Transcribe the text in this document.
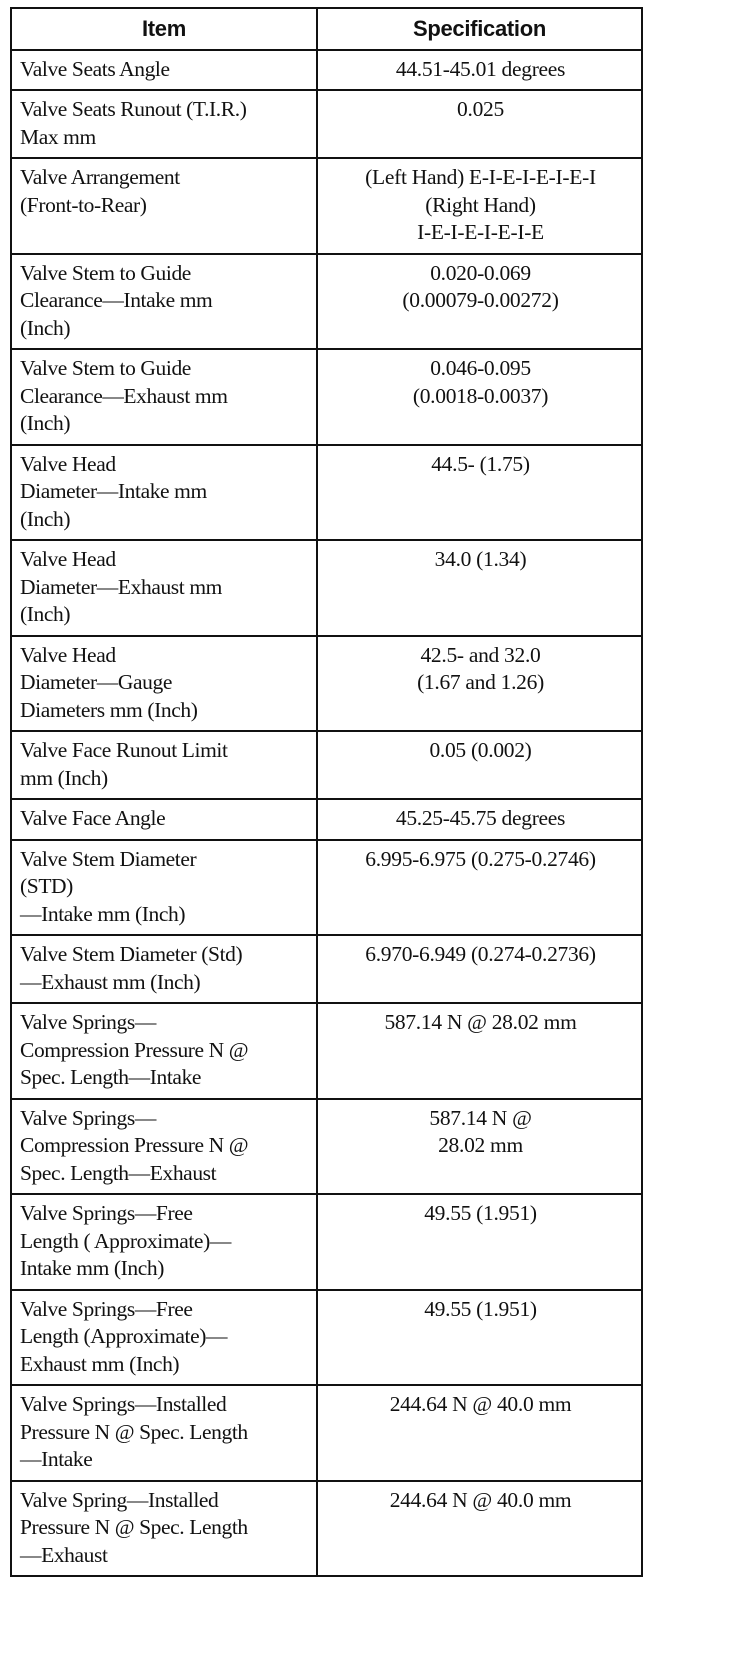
Item	Specification

Valve Seats Angle	44.51-45.01 degrees

Valve Seats Runout (T.I.R.)
Max mm	0.025

Valve Arrangement
(Front-to-Rear)	(Left Hand) E-I-E-I-E-I-E-I
(Right Hand)
I-E-I-E-I-E-I-E

Valve Stem to Guide
Clearance—Intake mm
(Inch)	0.020-0.069
(0.00079-0.00272)

Valve Stem to Guide
Clearance—Exhaust mm
(Inch)	0.046-0.095
(0.0018-0.0037)

Valve Head
Diameter—Intake mm
(Inch)	44.5- (1.75)

Valve Head
Diameter—Exhaust mm
(Inch)	34.0 (1.34)

Valve Head
Diameter—Gauge
Diameters mm (Inch)	42.5- and 32.0
(1.67 and 1.26)

Valve Face Runout Limit
mm (Inch)	0.05 (0.002)

Valve Face Angle	45.25-45.75 degrees

Valve Stem Diameter
(STD)
—Intake mm (Inch)	6.995-6.975 (0.275-0.2746)

Valve Stem Diameter (Std)
—Exhaust mm (Inch)	6.970-6.949 (0.274-0.2736)

Valve Springs—
Compression Pressure N @
Spec. Length—Intake	587.14 N @ 28.02 mm

Valve Springs—
Compression Pressure N @
Spec. Length—Exhaust	587.14 N @
28.02 mm

Valve Springs—Free
Length ( Approximate)—
Intake mm (Inch)	49.55 (1.951)

Valve Springs—Free
Length (Approximate)—
Exhaust mm (Inch)	49.55 (1.951)

Valve Springs—Installed
Pressure N @ Spec. Length
—Intake	244.64 N @ 40.0 mm

Valve Spring—Installed
Pressure N @ Spec. Length
—Exhaust	244.64 N @ 40.0 mm
